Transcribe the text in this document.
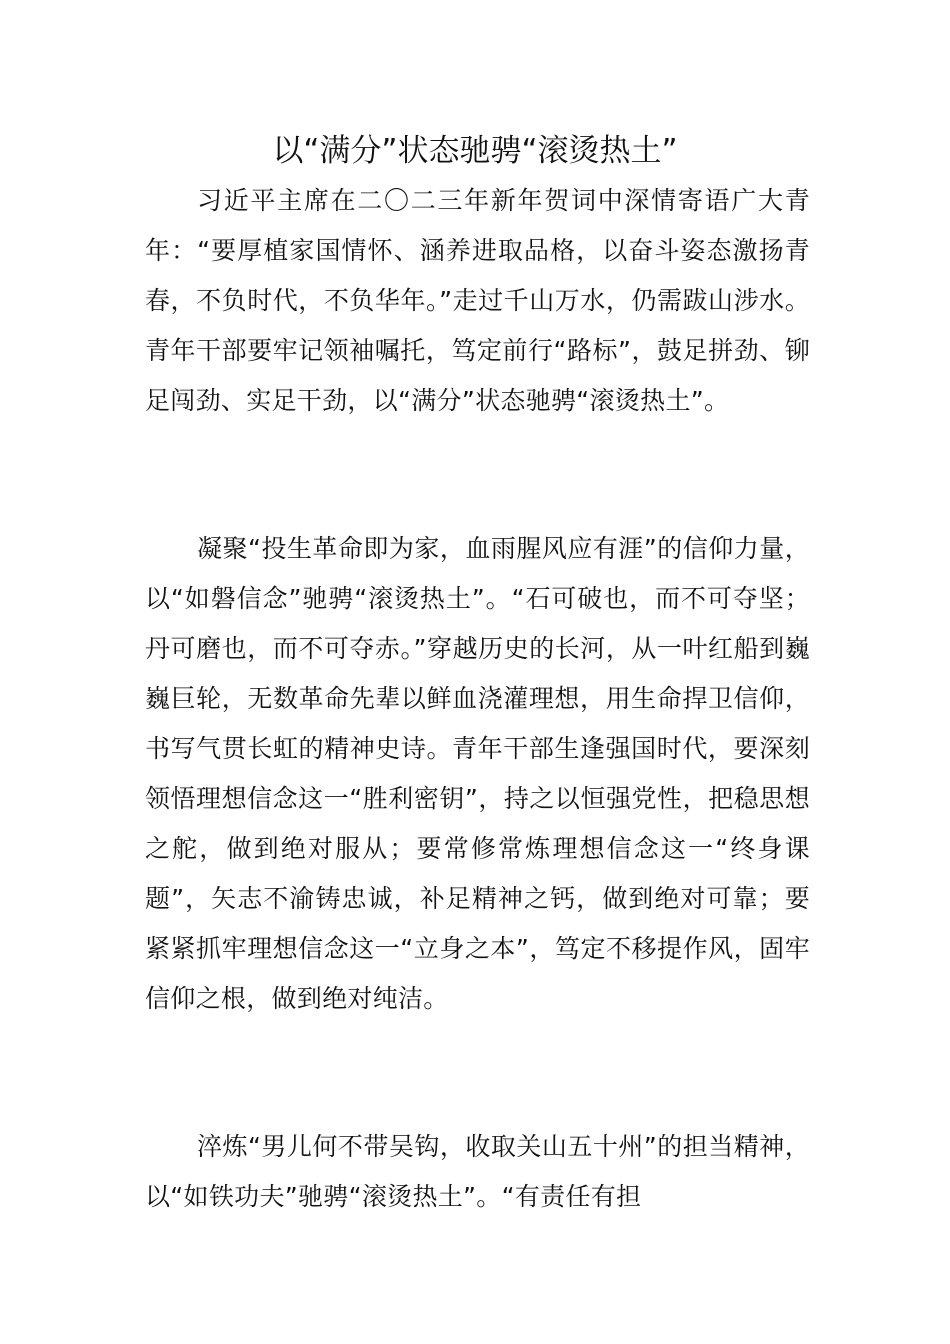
以“满分”状态驰骋“滚烫热土”

习近平主席在二〇二三年新年贺词中深情寄语广大青年：“要厚植家国情怀、涵养进取品格，以奋斗姿态激扬青春，不负时代，不负华年。”走过千山万水，仍需跋山涉水。青年干部要牢记领袖嘱托，笃定前行“路标”，鼓足拼劲、铆足闯劲、实足干劲，以“满分”状态驰骋“滚烫热土”。

凝聚“投生革命即为家，血雨腥风应有涯”的信仰力量，以“如磐信念”驰骋“滚烫热土”。“石可破也，而不可夺坚；丹可磨也，而不可夺赤。”穿越历史的长河，从一叶红船到巍巍巨轮，无数革命先辈以鲜血浇灌理想，用生命捍卫信仰，书写气贯长虹的精神史诗。青年干部生逢强国时代，要深刻领悟理想信念这一“胜利密钥”，持之以恒强党性，把稳思想之舵，做到绝对服从；要常修常炼理想信念这一“终身课题”，矢志不渝铸忠诚，补足精神之钙，做到绝对可靠；要紧紧抓牢理想信念这一“立身之本”，笃定不移提作风，固牢信仰之根，做到绝对纯洁。

淬炼“男儿何不带吴钩，收取关山五十州”的担当精神，以“如铁功夫”驰骋“滚烫热土”。“有责任有担
